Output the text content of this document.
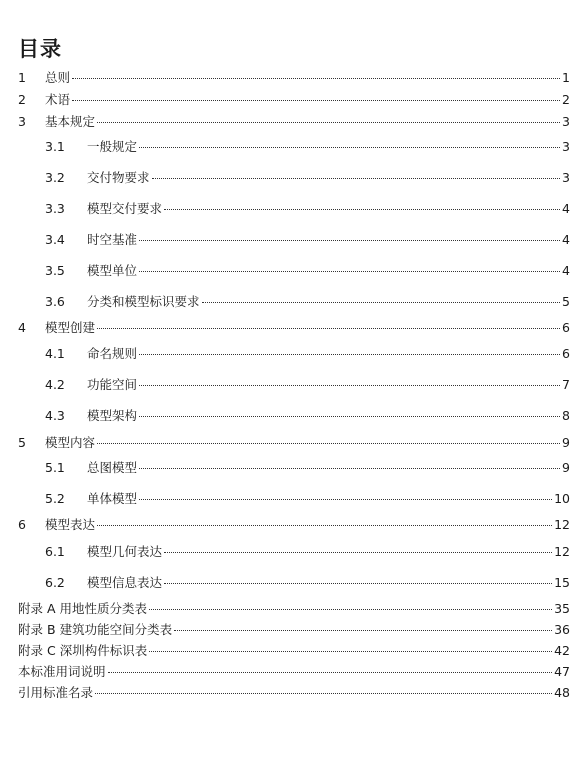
目录
1	总则	1
2	术语	2
3	基本规定	3
3.1	一般规定	3
3.2	交付物要求	3
3.3	模型交付要求	4
3.4	时空基准	4
3.5	模型单位	4
3.6	分类和模型标识要求	5
4	模型创建	6
4.1	命名规则	6
4.2	功能空间	7
4.3	模型架构	8
5	模型内容	9
5.1	总图模型	9
5.2	单体模型	10
6	模型表达	12
6.1	模型几何表达	12
6.2	模型信息表达	15
附录 A 用地性质分类表	35
附录 B 建筑功能空间分类表	36
附录 C 深圳构件标识表	42
本标准用词说明	47
引用标准名录	48
